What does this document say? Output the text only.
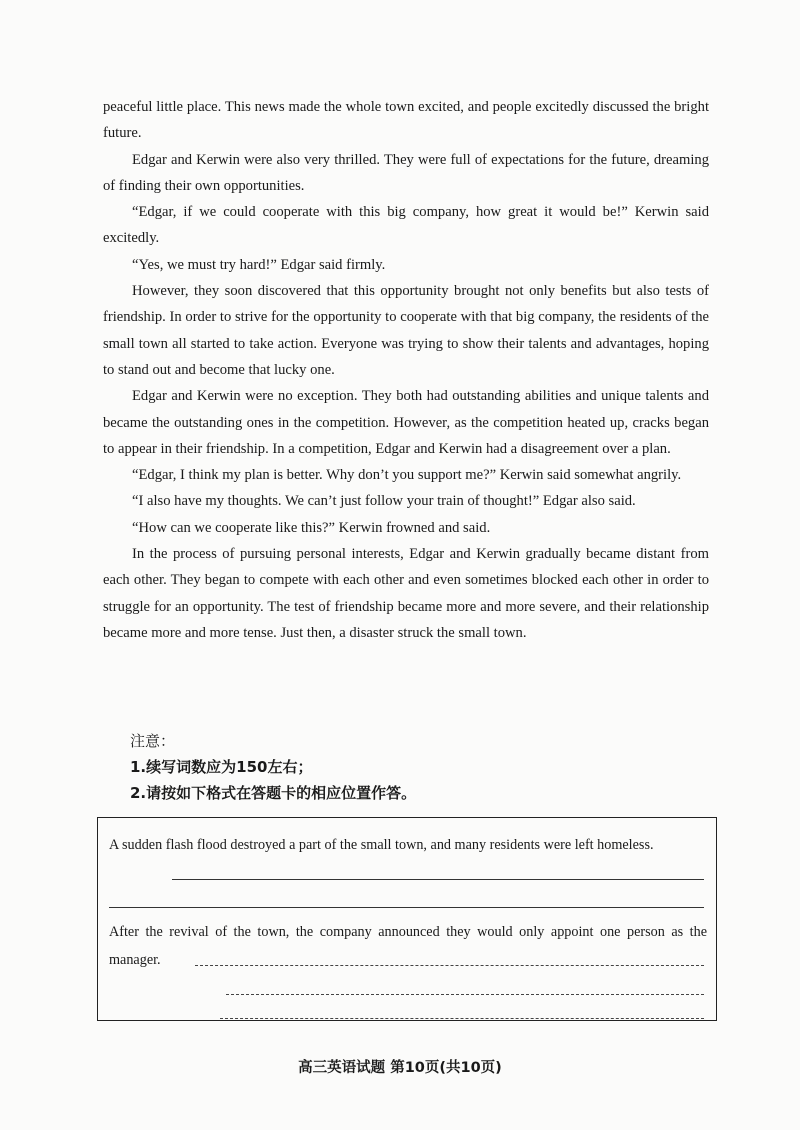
peaceful little place. This news made the whole town excited, and people excitedly discussed the bright future.

Edgar and Kerwin were also very thrilled. They were full of expectations for the future, dreaming of finding their own opportunities.

“Edgar, if we could cooperate with this big company, how great it would be!” Kerwin said excitedly.

“Yes, we must try hard!” Edgar said firmly.

However, they soon discovered that this opportunity brought not only benefits but also tests of friendship. In order to strive for the opportunity to cooperate with that big company, the residents of the small town all started to take action. Everyone was trying to show their talents and advantages, hoping to stand out and become that lucky one.

Edgar and Kerwin were no exception. They both had outstanding abilities and unique talents and became the outstanding ones in the competition. However, as the competition heated up, cracks began to appear in their friendship. In a competition, Edgar and Kerwin had a disagreement over a plan.

“Edgar, I think my plan is better. Why don’t you support me?” Kerwin said somewhat angrily.

“I also have my thoughts. We can’t just follow your train of thought!” Edgar also said.

“How can we cooperate like this?” Kerwin frowned and said.

In the process of pursuing personal interests, Edgar and Kerwin gradually became distant from each other. They began to compete with each other and even sometimes blocked each other in order to struggle for an opportunity. The test of friendship became more and more severe, and their relationship became more and more tense. Just then, a disaster struck the small town.

注意：
1.续写词数应为150左右；
2.请按如下格式在答题卡的相应位置作答。
A sudden flash flood destroyed a part of the small town, and many residents were left homeless.
After the revival of the town, the company announced they would only appoint one person as the manager.
高三英语试题 第10页(共10页)
